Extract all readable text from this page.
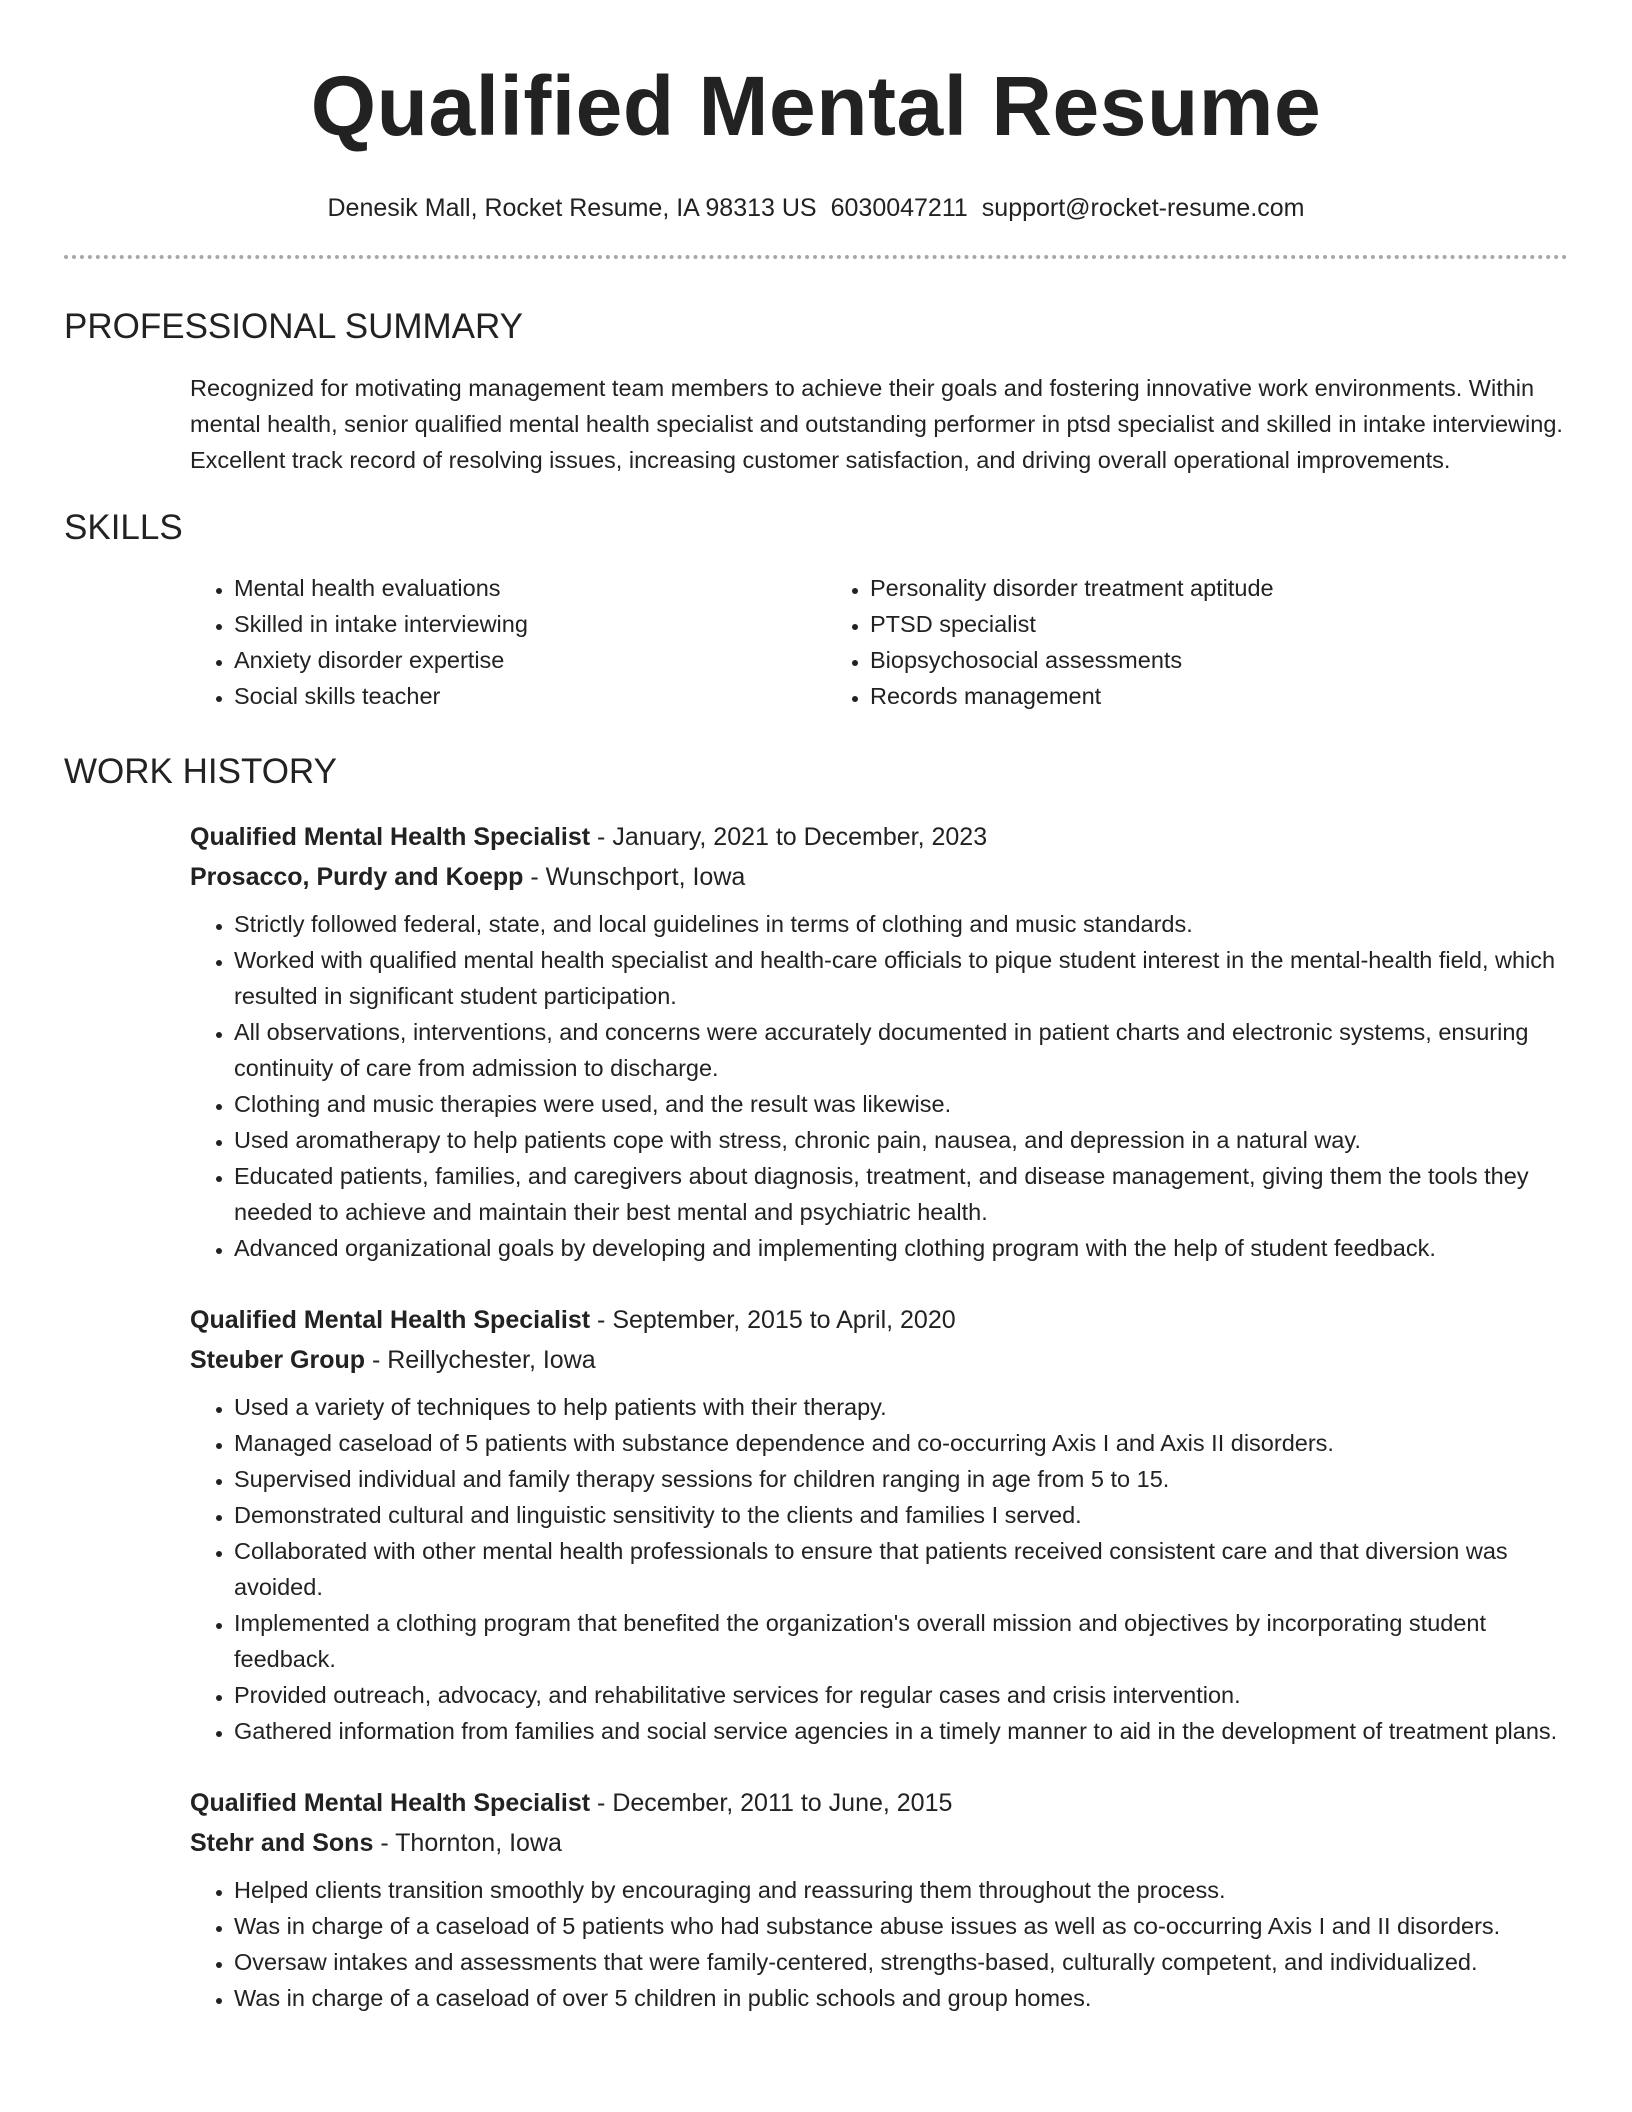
Qualified Mental Resume
Denesik Mall, Rocket Resume, IA 98313 US 6030047211 support@rocket-resume.com
PROFESSIONAL SUMMARY

Recognized for motivating management team members to achieve their goals and fostering innovative work environments. Within mental health, senior qualified mental health specialist and outstanding performer in ptsd specialist and skilled in intake interviewing. Excellent track record of resolving issues, increasing customer satisfaction, and driving overall operational improvements.

SKILLS
• Mental health evaluations
• Skilled in intake interviewing
• Anxiety disorder expertise
• Social skills teacher
• Personality disorder treatment aptitude
• PTSD specialist
• Biopsychosocial assessments
• Records management
WORK HISTORY
Qualified Mental Health Specialist - January, 2021 to December, 2023
Prosacco, Purdy and Koepp - Wunschport, Iowa
• Strictly followed federal, state, and local guidelines in terms of clothing and music standards.
• Worked with qualified mental health specialist and health-care officials to pique student interest in the mental-health field, which resulted in significant student participation.
• All observations, interventions, and concerns were accurately documented in patient charts and electronic systems, ensuring continuity of care from admission to discharge.
• Clothing and music therapies were used, and the result was likewise.
• Used aromatherapy to help patients cope with stress, chronic pain, nausea, and depression in a natural way.
• Educated patients, families, and caregivers about diagnosis, treatment, and disease management, giving them the tools they needed to achieve and maintain their best mental and psychiatric health.
• Advanced organizational goals by developing and implementing clothing program with the help of student feedback.
Qualified Mental Health Specialist - September, 2015 to April, 2020
Steuber Group - Reillychester, Iowa
• Used a variety of techniques to help patients with their therapy.
• Managed caseload of 5 patients with substance dependence and co-occurring Axis I and Axis II disorders.
• Supervised individual and family therapy sessions for children ranging in age from 5 to 15.
• Demonstrated cultural and linguistic sensitivity to the clients and families I served.
• Collaborated with other mental health professionals to ensure that patients received consistent care and that diversion was avoided.
• Implemented a clothing program that benefited the organization's overall mission and objectives by incorporating student feedback.
• Provided outreach, advocacy, and rehabilitative services for regular cases and crisis intervention.
• Gathered information from families and social service agencies in a timely manner to aid in the development of treatment plans.
Qualified Mental Health Specialist - December, 2011 to June, 2015
Stehr and Sons - Thornton, Iowa
• Helped clients transition smoothly by encouraging and reassuring them throughout the process.
• Was in charge of a caseload of 5 patients who had substance abuse issues as well as co-occurring Axis I and II disorders.
• Oversaw intakes and assessments that were family-centered, strengths-based, culturally competent, and individualized.
• Was in charge of a caseload of over 5 children in public schools and group homes.
